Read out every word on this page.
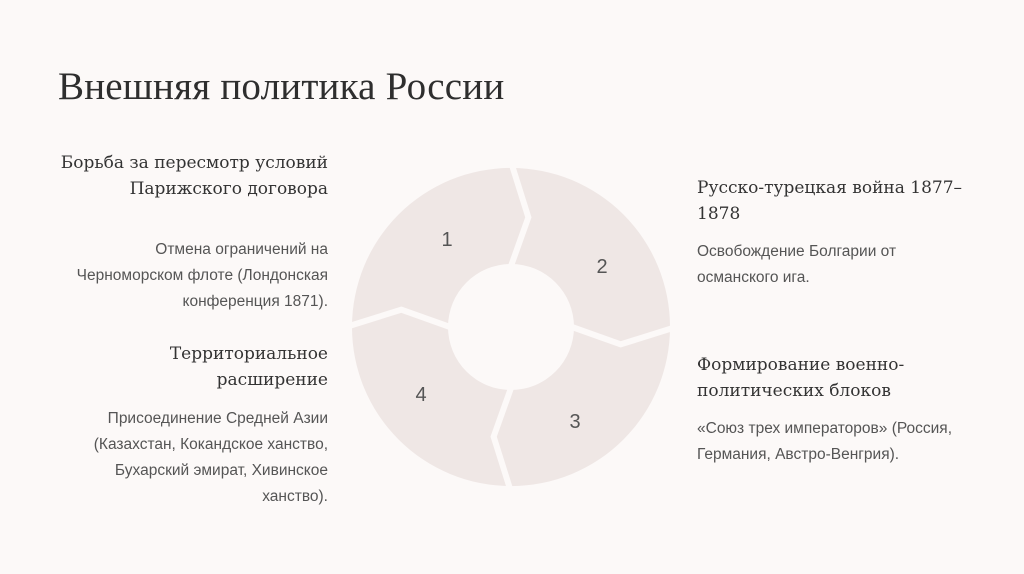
Внешняя политика России

Борьба за пересмотр условий
Парижского договора

Отмена ограничений на
Черноморском флоте (Лондонская
конференция 1871).

Территориальное
расширение

Присоединение Средней Азии
(Казахстан, Кокандское ханство,
Бухарский эмират, Хивинское
ханство).

Русско-турецкая война 1877–
1878

Освобождение Болгарии от
османского ига.

Формирование военно-
политических блоков

«Союз трех императоров» (Россия,
Германия, Австро-Венгрия).

1
2
3
4
